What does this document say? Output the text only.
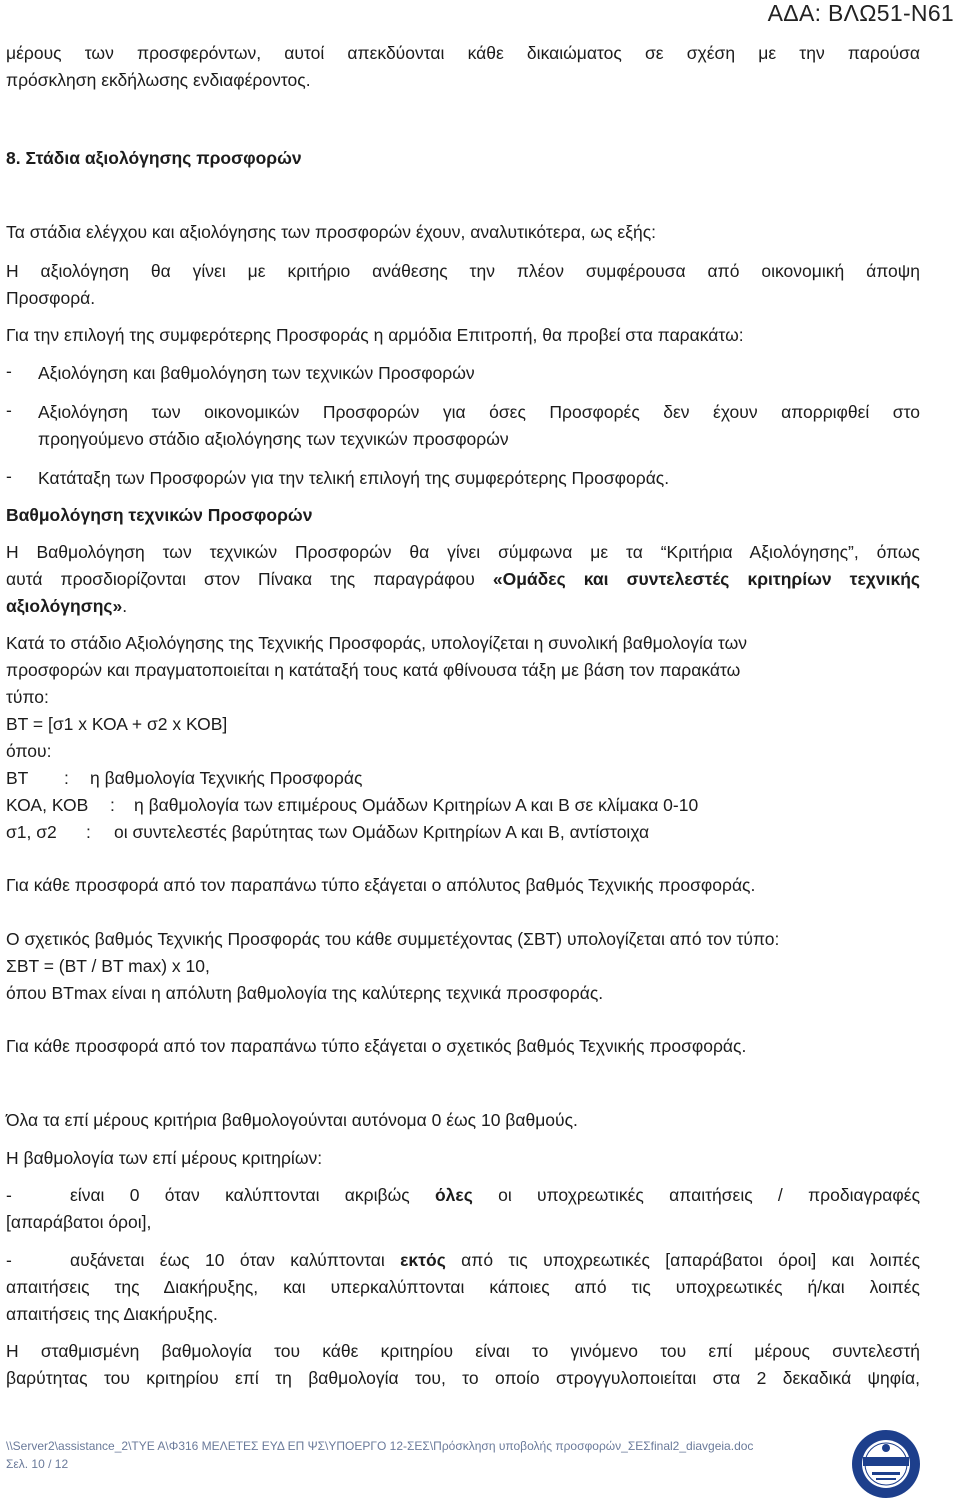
ΑΔΑ: ΒΛΩ51-Ν61
μέρους των προσφερόντων, αυτοί απεκδύονται κάθε δικαιώματος σε σχέση με την παρούσα
πρόσκληση εκδήλωσης ενδιαφέροντος.
8. Στάδια αξιολόγησης προσφορών
Τα στάδια ελέγχου και αξιολόγησης των προσφορών έχουν, αναλυτικότερα, ως εξής:
Η αξιολόγηση θα γίνει με κριτήριο ανάθεσης την πλέον συμφέρουσα από οικονομική άποψη
Προσφορά.
Για την επιλογή της συμφερότερης Προσφοράς η αρμόδια Επιτροπή, θα προβεί στα παρακάτω:
- Αξιολόγηση και βαθμολόγηση των τεχνικών Προσφορών
- Αξιολόγηση των οικονομικών Προσφορών για όσες Προσφορές δεν έχουν απορριφθεί στο
προηγούμενο στάδιο αξιολόγησης των τεχνικών προσφορών
- Κατάταξη των Προσφορών για την τελική επιλογή της συμφερότερης Προσφοράς.
Βαθμολόγηση τεχνικών Προσφορών
Η Βαθμολόγηση των τεχνικών Προσφορών θα γίνει σύμφωνα με τα “Κριτήρια Αξιολόγησης”, όπως
αυτά προσδιορίζονται στον Πίνακα της παραγράφου «Ομάδες και συντελεστές κριτηρίων τεχνικής
αξιολόγησης».
Κατά το στάδιο Αξιολόγησης της Τεχνικής Προσφοράς, υπολογίζεται η συνολική βαθμολογία των
προσφορών και πραγματοποιείται η κατάταξή τους κατά φθίνουσα τάξη με βάση τον παρακάτω
τύπο:
ΒΤ = [σ1 x ΚΟΑ + σ2 x ΚΟΒ]
όπου:
ΒΤ : η βαθμολογία Τεχνικής Προσφοράς
ΚΟΑ, ΚΟΒ : η βαθμολογία των επιμέρους Ομάδων Κριτηρίων Α και Β σε κλίμακα 0-10
σ1, σ2 : οι συντελεστές βαρύτητας των Ομάδων Κριτηρίων Α και Β, αντίστοιχα
Για κάθε προσφορά από τον παραπάνω τύπο εξάγεται ο απόλυτος βαθμός Τεχνικής προσφοράς.
Ο σχετικός βαθμός Τεχνικής Προσφοράς του κάθε συμμετέχοντας (ΣΒΤ) υπολογίζεται από τον τύπο:
ΣΒΤ = (ΒΤ / ΒΤ max) x 10,
όπου ΒΤmax είναι η απόλυτη βαθμολογία της καλύτερης τεχνικά προσφοράς.
Για κάθε προσφορά από τον παραπάνω τύπο εξάγεται ο σχετικός βαθμός Τεχνικής προσφοράς.
Όλα τα επί μέρους κριτήρια βαθμολογούνται αυτόνομα 0 έως 10 βαθμούς.
Η βαθμολογία των επί μέρους κριτηρίων:
-	είναι 0 όταν καλύπτονται ακριβώς όλες οι υποχρεωτικές απαιτήσεις / προδιαγραφές
[απαράβατοι όροι],
-	αυξάνεται έως 10 όταν καλύπτονται εκτός από τις υποχρεωτικές [απαράβατοι όροι] και λοιπές
απαιτήσεις της Διακήρυξης, και υπερκαλύπτονται κάποιες από τις υποχρεωτικές ή/και λοιπές
απαιτήσεις της Διακήρυξης.
Η σταθμισμένη βαθμολογία του κάθε κριτηρίου είναι το γινόμενο του επί μέρους συντελεστή
βαρύτητας του κριτηρίου επί τη βαθμολογία του, το οποίο στρογγυλοποιείται στα 2 δεκαδικά ψηφία,
\\Server2\assistance_2\ΤΥΕ Α\Φ316 ΜΕΛΕΤΕΣ ΕΥΔ ΕΠ ΨΣ\ΥΠΟΕΡΓΟ 12-ΣΕΣ\Πρόσκληση υποβολής προσφορών_ΣΕΣfinal2_diavgeia.doc
Σελ. 10 / 12
